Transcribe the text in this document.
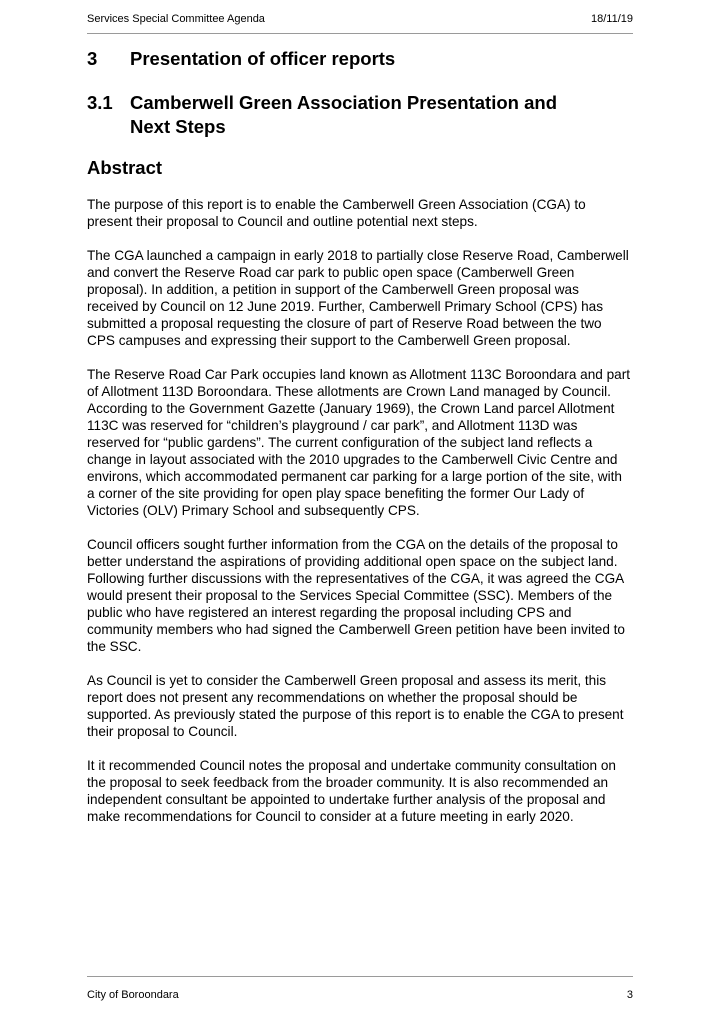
Services Special Committee Agenda	18/11/19
3	Presentation of officer reports
3.1 Camberwell Green Association Presentation and Next Steps
Abstract

The purpose of this report is to enable the Camberwell Green Association (CGA) to present their proposal to Council and outline potential next steps.

The CGA launched a campaign in early 2018 to partially close Reserve Road, Camberwell and convert the Reserve Road car park to public open space (Camberwell Green proposal). In addition, a petition in support of the Camberwell Green proposal was received by Council on 12 June 2019. Further, Camberwell Primary School (CPS) has submitted a proposal requesting the closure of part of Reserve Road between the two CPS campuses and expressing their support to the Camberwell Green proposal.

The Reserve Road Car Park occupies land known as Allotment 113C Boroondara and part of Allotment 113D Boroondara. These allotments are Crown Land managed by Council. According to the Government Gazette (January 1969), the Crown Land parcel Allotment 113C was reserved for “children’s playground / car park”, and Allotment 113D was reserved for “public gardens”. The current configuration of the subject land reflects a change in layout associated with the 2010 upgrades to the Camberwell Civic Centre and environs, which accommodated permanent car parking for a large portion of the site, with a corner of the site providing for open play space benefiting the former Our Lady of Victories (OLV) Primary School and subsequently CPS.

Council officers sought further information from the CGA on the details of the proposal to better understand the aspirations of providing additional open space on the subject land. Following further discussions with the representatives of the CGA, it was agreed the CGA would present their proposal to the Services Special Committee (SSC). Members of the public who have registered an interest regarding the proposal including CPS and community members who had signed the Camberwell Green petition have been invited to the SSC.

As Council is yet to consider the Camberwell Green proposal and assess its merit, this report does not present any recommendations on whether the proposal should be supported. As previously stated the purpose of this report is to enable the CGA to present their proposal to Council.

It it recommended Council notes the proposal and undertake community consultation on the proposal to seek feedback from the broader community. It is also recommended an independent consultant be appointed to undertake further analysis of the proposal and make recommendations for Council to consider at a future meeting in early 2020.

City of Boroondara	3
